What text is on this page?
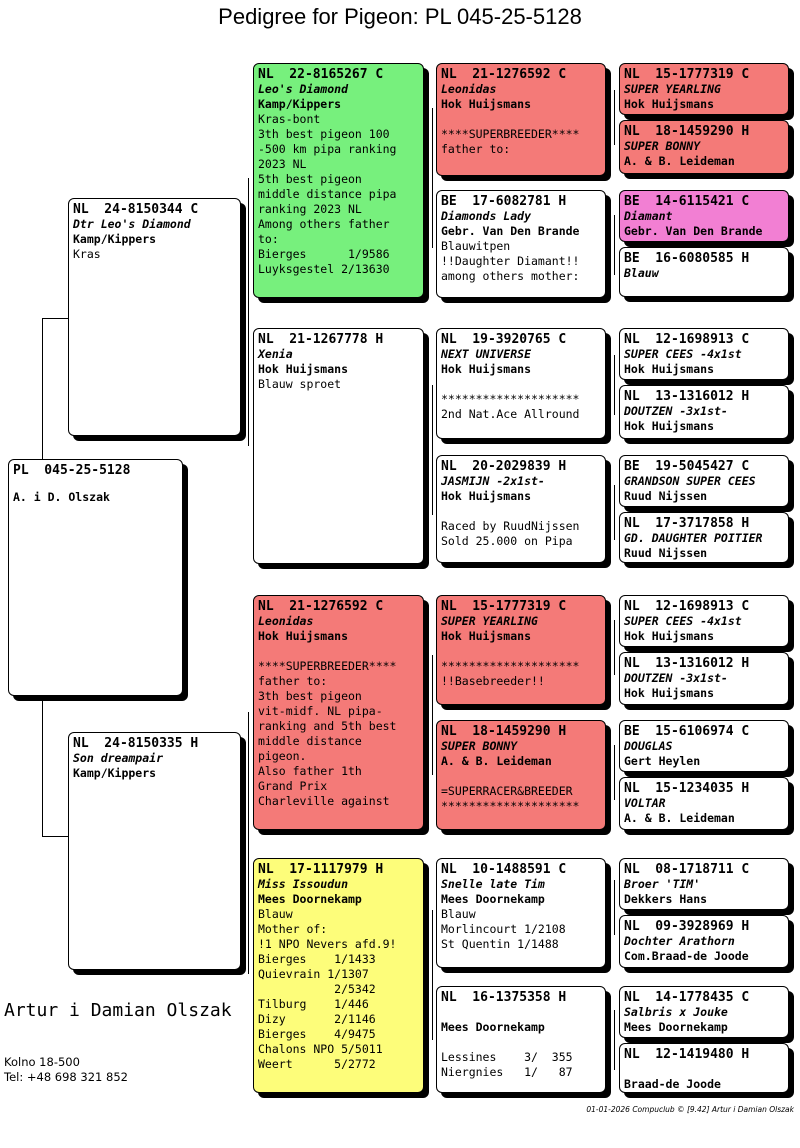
Pedigree for Pigeon: PL 045-25-5128
PL  045-25-5128
A. i D. Olszak
NL  24-8150344 C
Dtr Leo's Diamond
Kamp/Kippers
Kras
NL  24-8150335 H
Son dreampair
Kamp/Kippers
NL  22-8165267 C
Leo's Diamond
Kamp/Kippers
Kras-bont
3th best pigeon 100
-500 km pipa ranking
2023 NL
5th best pigeon
middle distance pipa
ranking 2023 NL
Among others father
to:
Bierges      1/9586
Luyksgestel 2/13630
NL  21-1267778 H
Xenia
Hok Huijsmans
Blauw sproet
NL  21-1276592 C
Leonidas
Hok Huijsmans

****SUPERBREEDER****
father to:
3th best pigeon
vit-midf. NL pipa-
ranking and 5th best
middle distance
pigeon.
Also father 1th
Grand Prix
Charleville against
NL  17-1117979 H
Miss Issoudun
Mees Doornekamp
Blauw
Mother of:
!1 NPO Nevers afd.9!
Bierges    1/1433
Quievrain 1/1307
2/5342
Tilburg    1/446
Dizy       2/1146
Bierges    4/9475
Chalons NPO 5/5011
Weert      5/2772
NL  21-1276592 C
Leonidas
Hok Huijsmans

****SUPERBREEDER****
father to:
BE  17-6082781 H
Diamonds Lady
Gebr. Van Den Brande
Blauwitpen
!!Daughter Diamant!!
among others mother:
NL  19-3920765 C
NEXT UNIVERSE
Hok Huijsmans

********************
2nd Nat.Ace Allround
NL  20-2029839 H
JASMIJN -2x1st-
Hok Huijsmans

Raced by RuudNijssen
Sold 25.000 on Pipa
NL  15-1777319 C
SUPER YEARLING
Hok Huijsmans

********************
!!Basebreeder!!
NL  18-1459290 H
SUPER BONNY
A. & B. Leideman

=SUPERRACER&BREEDER
********************
NL  10-1488591 C
Snelle late Tim
Mees Doornekamp
Blauw
Morlincourt 1/2108
St Quentin 1/1488
NL  16-1375358 H
Mees Doornekamp

Lessines    3/  355
Niergnies   1/   87
NL  15-1777319 C
SUPER YEARLING
Hok Huijsmans
NL  18-1459290 H
SUPER BONNY
A. & B. Leideman
BE  14-6115421 C
Diamant
Gebr. Van Den Brande
BE  16-6080585 H
Blauw
NL  12-1698913 C
SUPER CEES -4x1st
Hok Huijsmans
NL  13-1316012 H
DOUTZEN -3x1st-
Hok Huijsmans
BE  19-5045427 C
GRANDSON SUPER CEES
Ruud Nijssen
NL  17-3717858 H
GD. DAUGHTER POITIER
Ruud Nijssen
NL  12-1698913 C
SUPER CEES -4x1st
Hok Huijsmans
NL  13-1316012 H
DOUTZEN -3x1st-
Hok Huijsmans
BE  15-6106974 C
DOUGLAS
Gert Heylen
NL  15-1234035 H
VOLTAR
A. & B. Leideman
NL  08-1718711 C
Broer 'TIM'
Dekkers Hans
NL  09-3928969 H
Dochter Arathorn
Com.Braad-de Joode
NL  14-1778435 C
Salbris x Jouke
Mees Doornekamp
NL  12-1419480 H
Braad-de Joode
Artur i Damian Olszak
Kolno 18-500
Tel: +48 698 321 852
01-01-2026 Compuclub © [9.42] Artur i Damian Olszak
